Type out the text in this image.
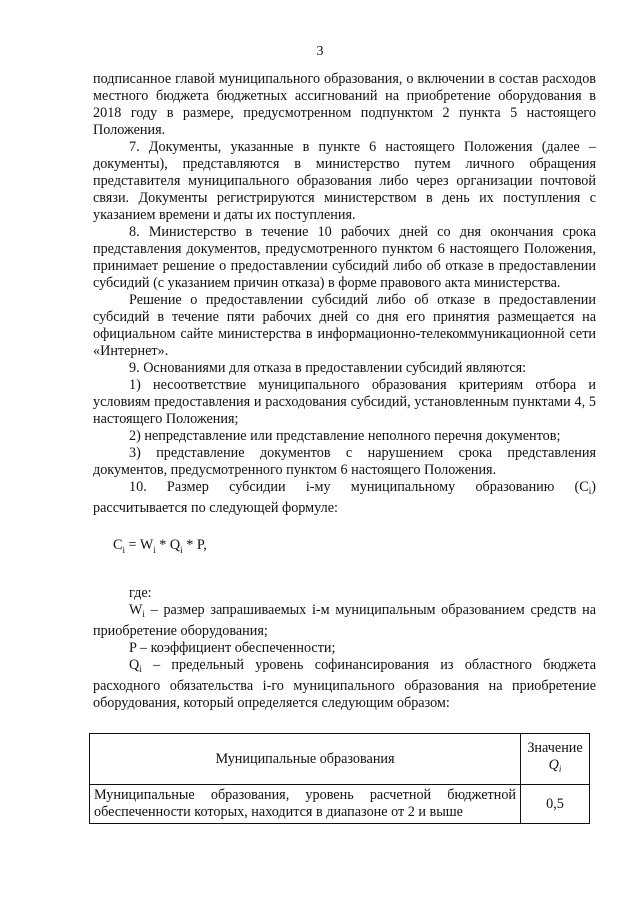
3

подписанное главой муниципального образования, о включении в состав расходов местного бюджета бюджетных ассигнований на приобретение оборудования в 2018 году в размере, предусмотренном подпунктом 2 пункта 5 настоящего Положения.

7. Документы, указанные в пункте 6 настоящего Положения (далее – документы), представляются в министерство путем личного обращения представителя муниципального образования либо через организации почтовой связи. Документы регистрируются министерством в день их поступления с указанием времени и даты их поступления.

8. Министерство в течение 10 рабочих дней со дня окончания срока представления документов, предусмотренного пунктом 6 настоящего Положения, принимает решение о предоставлении субсидий либо об отказе в предоставлении субсидий (с указанием причин отказа) в форме правового акта министерства.

Решение о предоставлении субсидий либо об отказе в предоставлении субсидий в течение пяти рабочих дней со дня его принятия размещается на официальном сайте министерства в информационно-телекоммуникационной сети «Интернет».

9. Основаниями для отказа в предоставлении субсидий являются:

1) несоответствие муниципального образования критериям отбора и условиям предоставления и расходования субсидий, установленным пунктами 4, 5 настоящего Положения;

2) непредставление или представление неполного перечня документов;

3) представление документов с нарушением срока представления документов, предусмотренного пунктом 6 настоящего Положения.

10. Размер субсидии i-му муниципальному образованию $(C_i)$

рассчитывается по следующей формуле:

$C_i = W_i * Q_i * P$,

где:

$W_i$ – размер запрашиваемых i-м муниципальным образованием средств на приобретение оборудования;

P – коэффициент обеспеченности;

$Q_i$ – предельный уровень софинансирования из областного бюджета расходного обязательства i-го муниципального образования на приобретение оборудования, который определяется следующим образом:

Муниципальные образования	Значение
$Q_i$
Муниципальные образования, уровень расчетной бюджетной обеспеченности которых, находится в диапазоне от 2 и выше	0,5
